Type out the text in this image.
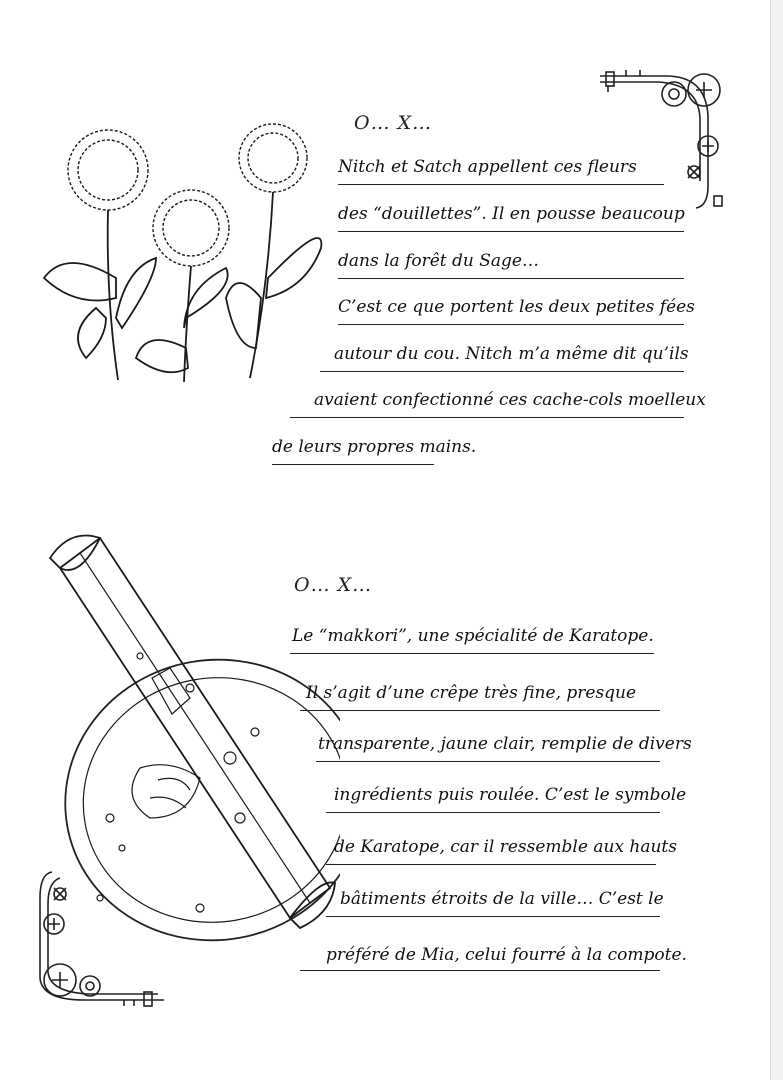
O… X…
Nitch et Satch appellent ces fleurs
des “douillettes”. Il en pousse beaucoup
dans la forêt du Sage…
C’est ce que portent les deux petites fées
autour du cou. Nitch m’a même dit qu’ils
avaient confectionné ces cache-cols moelleux
de leurs propres mains.
O… X…
Le “makkori”, une spécialité de Karatope.
Il s’agit d’une crêpe très fine, presque
transparente, jaune clair, remplie de divers
ingrédients puis roulée. C’est le symbole
de Karatope, car il ressemble aux hauts
bâtiments étroits de la ville… C’est le
préféré de Mia, celui fourré à la compote.
